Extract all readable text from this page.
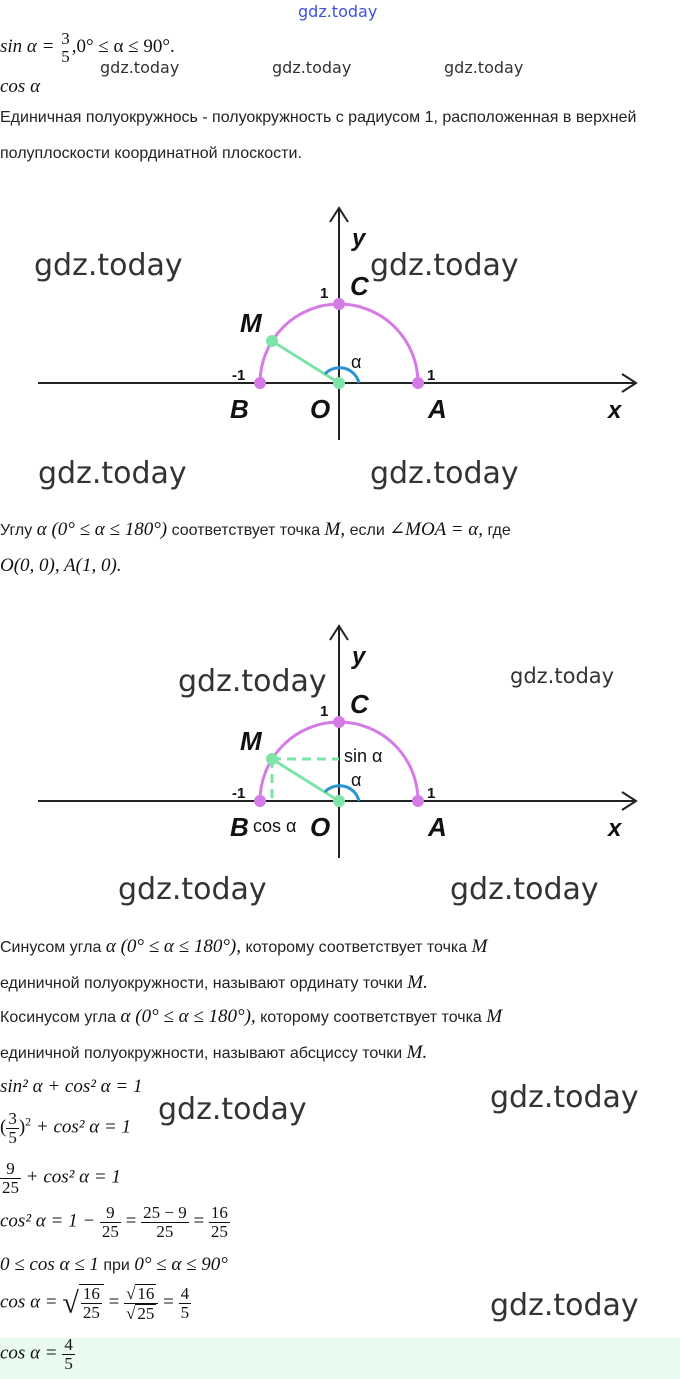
gdz.today
gdz.today	gdz.today	gdz.today
sin α = 3
5 ,0° ≤ α ≤ 90°.
cos α
Единичная полуокружнось - полуокружность с радиусом 1, расположенная в верхней полуплоскости координатной плоскости.
y
x
C
M
B O	A
1
-1	1
α
gdz.today	gdz.today
gdz.today	gdz.today
Углу α (0° ≤ α ≤ 180°) соответствует точка M, если ∠MOA = α, где
O(0, 0), A(1, 0).
y
x
C
M
B O	A
1
-1	1
α
sin α
cos α
gdz.today	gdz.today
gdz.today	gdz.today
Синусом угла α (0° ≤ α ≤ 180°), которому соответствует точка M
единичной полуокружности, называют ординату точки M.
Косинусом угла α (0° ≤ α ≤ 180°), которому соответствует точка M
единичной полуокружности, называют абсциссу точки M.
sin² α + cos² α = 1
gdz.today	gdz.today
( $\frac{3}{5} )^2 + \cos^2$ α = 1
$\frac{9}{25} + \cos^2$ α = 1
cos² $\alpha = 1 - \frac{9}{25} = \frac{25 - 9}{25} = \frac{16}{25}$
0 ≤ cos α ≤ 1 при 0° ≤ α ≤ 90°
cos α = √ $\frac{16}{25} = \frac{√ 16}{√ 25} = \frac{4}{5}$	gdz.today
$\cos \alpha = \frac{4}{5}$
